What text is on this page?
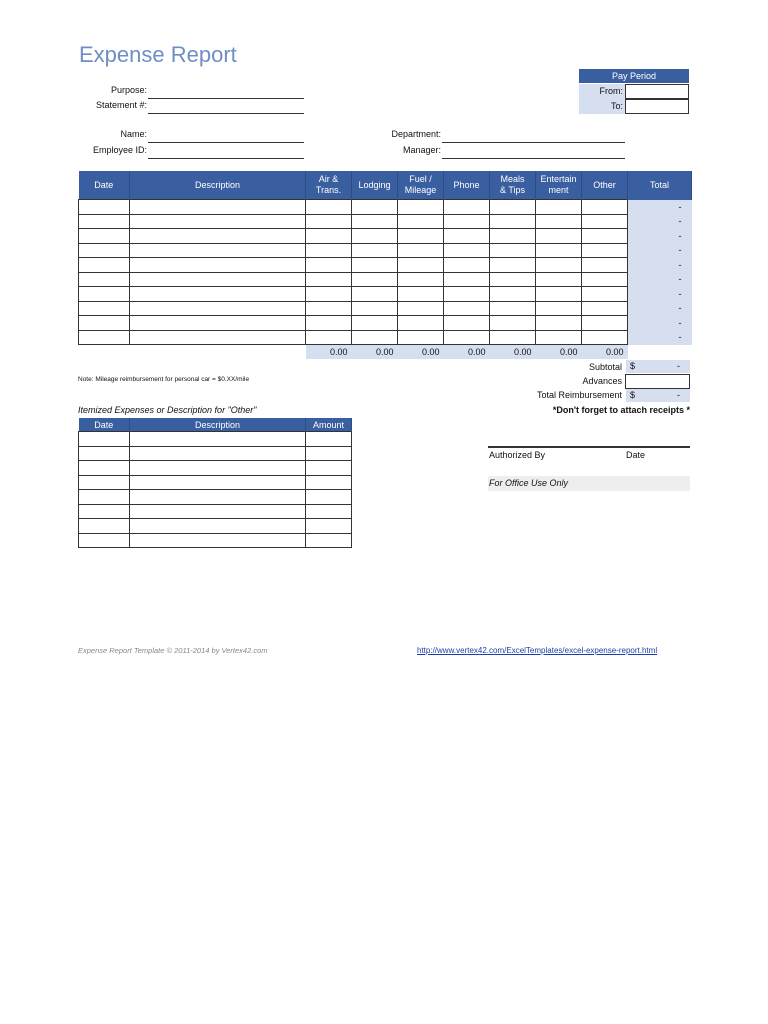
Expense Report
Purpose:
Statement #:
Pay Period
From:
To:
Name:
Employee ID:
Department:
Manager:
Date	Description	Air & Trans.	Lodging	Fuel / Mileage	Phone	Meals & Tips	Entertain ment	Other	Total
									-
									-
									-
									-
									-
									-
									-
									-
									-
									-
		0.00	0.00	0.00	0.00	0.00	0.00	0.00	
Subtotal $	-
Advances
Total Reimbursement $	-
*Don't forget to attach receipts *
Note: Mileage reimbursement for personal car = $0.XX/mile
Itemized Expenses or Description for "Other"
Date	Description	Amount

Authorized By	Date
For Office Use Only
Expense Report Template © 2011-2014 by Vertex42.com	http://www.vertex42.com/ExcelTemplates/excel-expense-report.html
